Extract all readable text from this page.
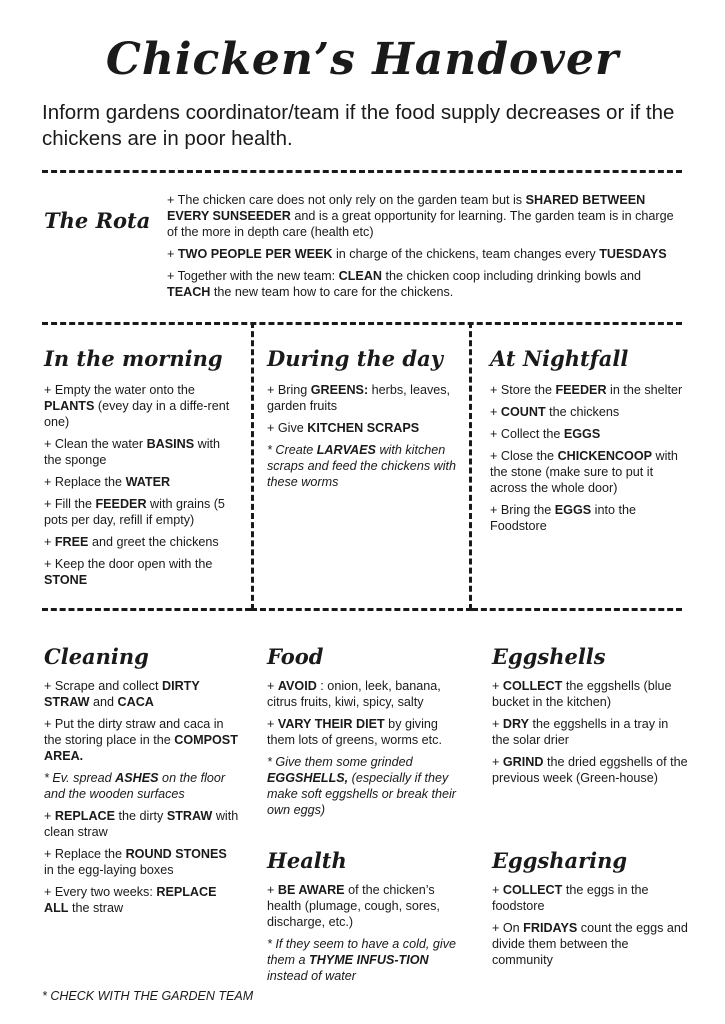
Chicken’s Handover
Inform gardens coordinator/team if the food supply decreases or if the chickens are in poor health.
The Rota

+ The chicken care does not only rely on the garden team but is SHARED BETWEEN EVERY SUNSEEDER and is a great opportunity for learning. The garden team is in charge of the more in depth care (health etc)

+ TWO PEOPLE PER WEEK in charge of the chickens, team changes every TUESDAYS

+ Together with the new team: CLEAN the chicken coop including drinking bowls and TEACH the new team how to care for the chickens.

In the morning

+ Empty the water onto the PLANTS (evey day in a diffe-rent one)

+ Clean the water BASINS with the sponge

+ Replace the WATER

+ Fill the FEEDER with grains (5 pots per day, refill if empty)

+ FREE and greet the chickens

+ Keep the door open with the STONE

During the day

+ Bring GREENS: herbs, leaves, garden fruits

+ Give KITCHEN SCRAPS

* Create LARVAES with kitchen scraps and feed the chickens with these worms

At Nightfall

+ Store the FEEDER in the shelter

+ COUNT the chickens

+ Collect the EGGS

+ Close the CHICKENCOOP with the stone (make sure to put it across the whole door)

+ Bring the EGGS into the Foodstore

Cleaning

+ Scrape and collect DIRTY STRAW and CACA

+ Put the dirty straw and caca in the storing place in the COMPOST AREA.

* Ev. spread ASHES on the floor and the wooden surfaces

+ REPLACE the dirty STRAW with clean straw

+ Replace the ROUND STONES in the egg-laying boxes

+ Every two weeks: REPLACE ALL the straw

Food

+ AVOID : onion, leek, banana, citrus fruits, kiwi, spicy, salty

+ VARY THEIR DIET by giving them lots of greens, worms etc.

* Give them some grinded EGGSHELLS, (especially if they make soft eggshells or break their own eggs)

Eggshells

+ COLLECT the eggshells (blue bucket in the kitchen)

+ DRY the eggshells in a tray in the solar drier

+ GRIND the dried eggshells of the previous week (Green-house)

Health

+ BE AWARE of the chicken’s health (plumage, cough, sores, discharge, etc.)

* If they seem to have a cold, give them a THYME INFUS-TION instead of water

Eggsharing

+ COLLECT the eggs in the foodstore

+ On FRIDAYS count the eggs and divide them between the community

* CHECK WITH THE GARDEN TEAM
